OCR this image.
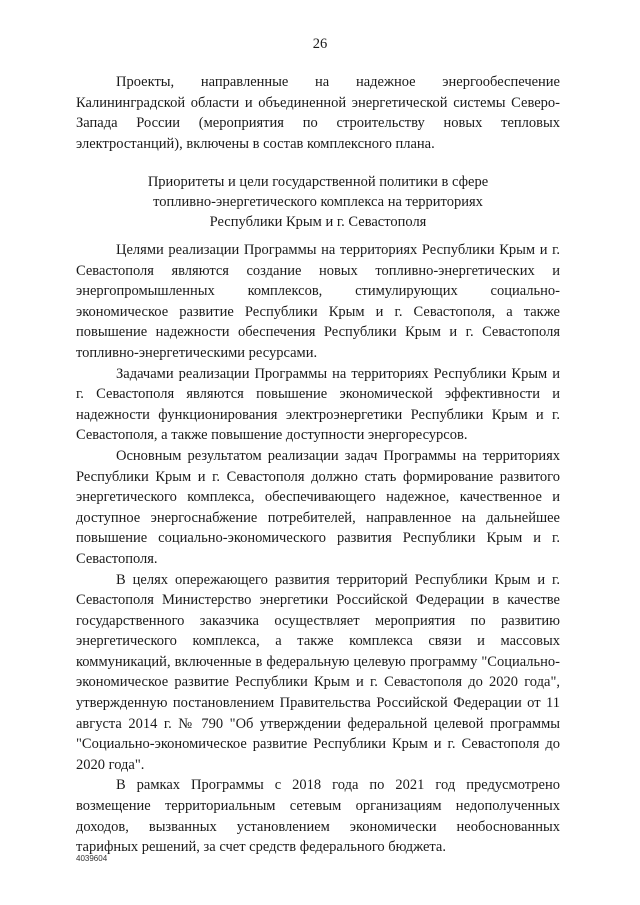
26

Проекты, направленные на надежное энергообеспечение Калининградской области и объединенной энергетической системы Северо-Запада России (мероприятия по строительству новых тепловых электростанций), включены в состав комплексного плана.

Приоритеты и цели государственной политики в сфере
топливно-энергетического комплекса на территориях
Республики Крым и г. Севастополя

Целями реализации Программы на территориях Республики Крым и г. Севастополя являются создание новых топливно-энергетических и энергопромышленных комплексов, стимулирующих социально-экономическое развитие Республики Крым и г. Севастополя, а также повышение надежности обеспечения Республики Крым и г. Севастополя топливно-энергетическими ресурсами.

Задачами реализации Программы на территориях Республики Крым и г. Севастополя являются повышение экономической эффективности и надежности функционирования электроэнергетики Республики Крым и г. Севастополя, а также повышение доступности энергоресурсов.

Основным результатом реализации задач Программы на территориях Республики Крым и г. Севастополя должно стать формирование развитого энергетического комплекса, обеспечивающего надежное, качественное и доступное энергоснабжение потребителей, направленное на дальнейшее повышение социально-экономического развития Республики Крым и г. Севастополя.

В целях опережающего развития территорий Республики Крым и г. Севастополя Министерство энергетики Российской Федерации в качестве государственного заказчика осуществляет мероприятия по развитию энергетического комплекса, а также комплекса связи и массовых коммуникаций, включенные в федеральную целевую программу "Социально-экономическое развитие Республики Крым и г. Севастополя до 2020 года", утвержденную постановлением Правительства Российской Федерации от 11 августа 2014 г. № 790 "Об утверждении федеральной целевой программы "Социально-экономическое развитие Республики Крым и г. Севастополя до 2020 года".

В рамках Программы с 2018 года по 2021 год предусмотрено возмещение территориальным сетевым организациям недополученных доходов, вызванных установлением экономически необоснованных тарифных решений, за счет средств федерального бюджета.

4039604
